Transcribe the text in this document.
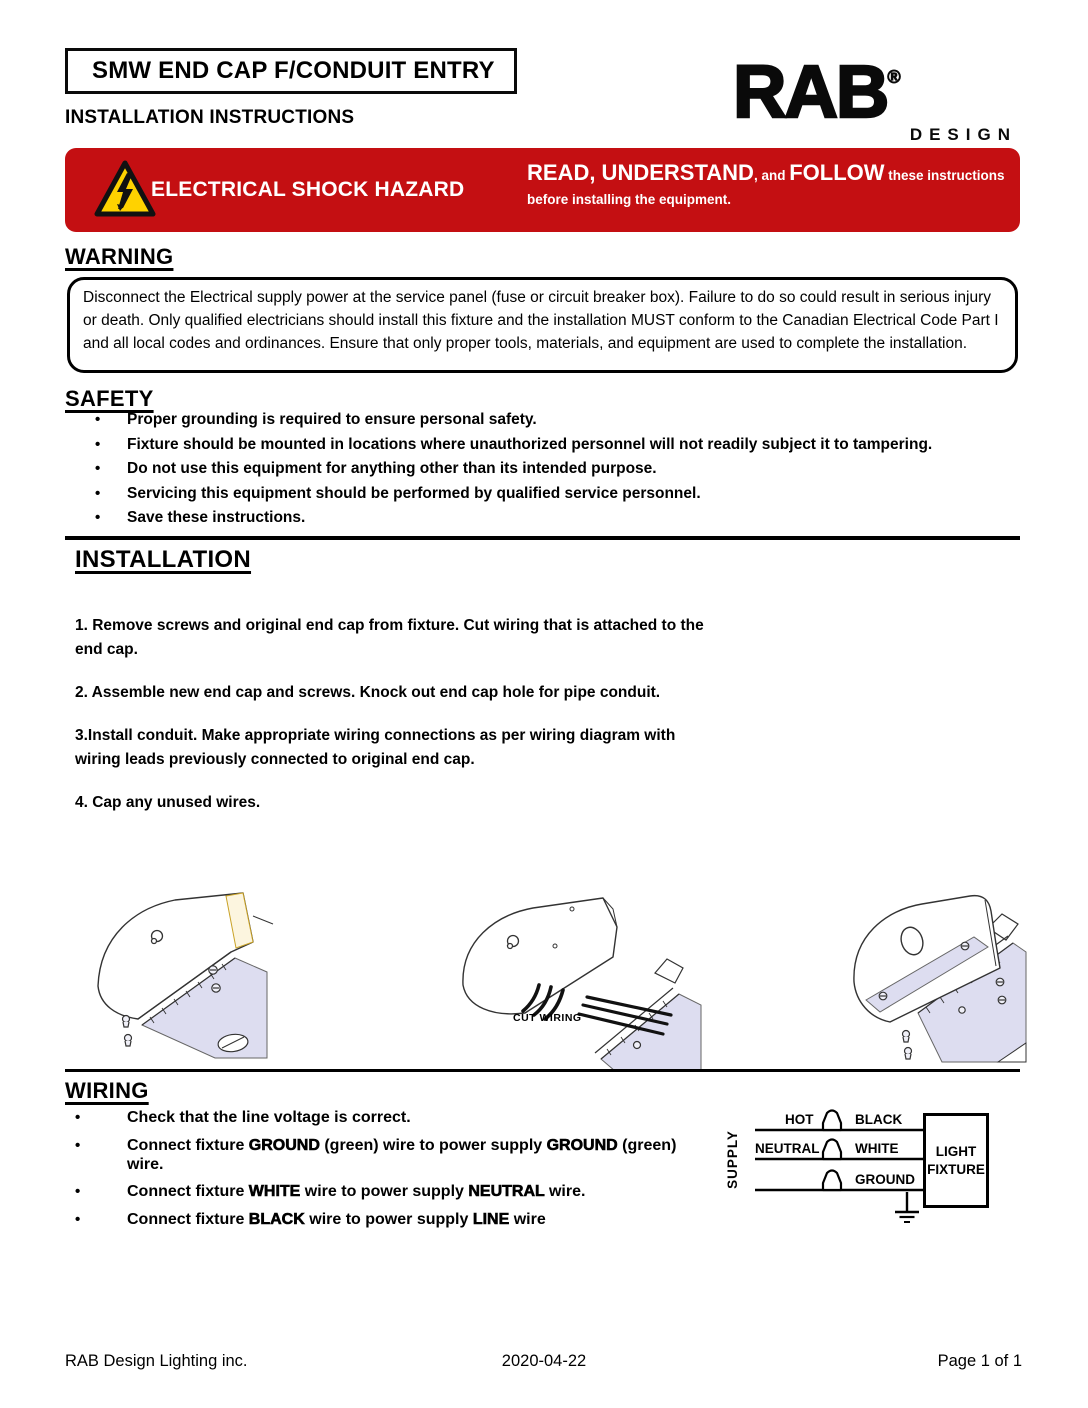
SMW END CAP F/CONDUIT ENTRY
INSTALLATION INSTRUCTIONS	RAB®
DESIGN
ELECTRICAL SHOCK HAZARD
READ, UNDERSTAND, and FOLLOW these instructions
before installing the equipment.
WARNING
Disconnect the Electrical supply power at the service panel (fuse or circuit breaker box). Failure to do so could result in serious injury or death. Only qualified electricians should install this fixture and the installation MUST conform to the Canadian Electrical Code Part I and all local codes and ordinances. Ensure that only proper tools, materials, and equipment are used to complete the installation.
SAFETY
•
Proper grounding is required to ensure personal safety.
•
Fixture should be mounted in locations where unauthorized personnel will not readily subject it to tampering.
•
Do not use this equipment for anything other than its intended purpose.
•
Servicing this equipment should be performed by qualified service personnel.
•
Save these instructions.
INSTALLATION

1. Remove screws and original end cap from fixture. Cut wiring that is attached to the end cap.

2. Assemble new end cap and screws. Knock out end cap hole for pipe conduit.

3.Install conduit. Make appropriate wiring connections as per wiring diagram with wiring leads previously connected to original end cap.

4. Cap any unused wires.

CUT WIRING
WIRING
•
Check that the line voltage is correct.
•
Connect fixture GROUND (green) wire to power supply GROUND (green) wire.
•
Connect fixture WHITE wire to power supply NEUTRAL wire.
•
Connect fixture BLACK wire to power supply LINE wire
SUPPLY
HOT	BLACK
NEUTRAL	WHITE
GROUND
LIGHT
FIXTURE
RAB Design Lighting inc.	2020-04-22	Page 1 of 1
